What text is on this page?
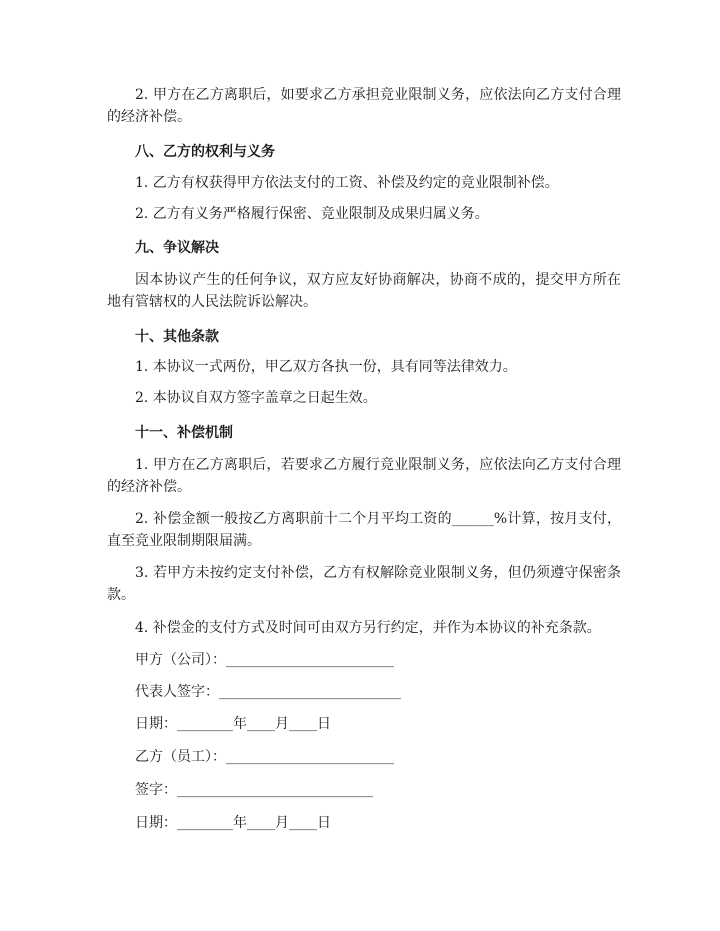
2. 甲方在乙方离职后，如要求乙方承担竞业限制义务，应依法向乙方支付合理的经济补偿。

八、乙方的权利与义务

1. 乙方有权获得甲方依法支付的工资、补偿及约定的竞业限制补偿。

2. 乙方有义务严格履行保密、竞业限制及成果归属义务。

九、争议解决

因本协议产生的任何争议，双方应友好协商解决，协商不成的，提交甲方所在地有管辖权的人民法院诉讼解决。

十、其他条款

1. 本协议一式两份，甲乙双方各执一份，具有同等法律效力。

2. 本协议自双方签字盖章之日起生效。

十一、补偿机制

1. 甲方在乙方离职后，若要求乙方履行竞业限制义务，应依法向乙方支付合理的经济补偿。

2. 补偿金额一般按乙方离职前十二个月平均工资的______%计算，按月支付，直至竞业限制期限届满。

3. 若甲方未按约定支付补偿，乙方有权解除竞业限制义务，但仍须遵守保密条款。

4. 补偿金的支付方式及时间可由双方另行约定，并作为本协议的补充条款。

甲方（公司）：________________________
代表人签字：__________________________
日期：________年____月____日
乙方（员工）：________________________
签字：____________________________
日期：________年____月____日
